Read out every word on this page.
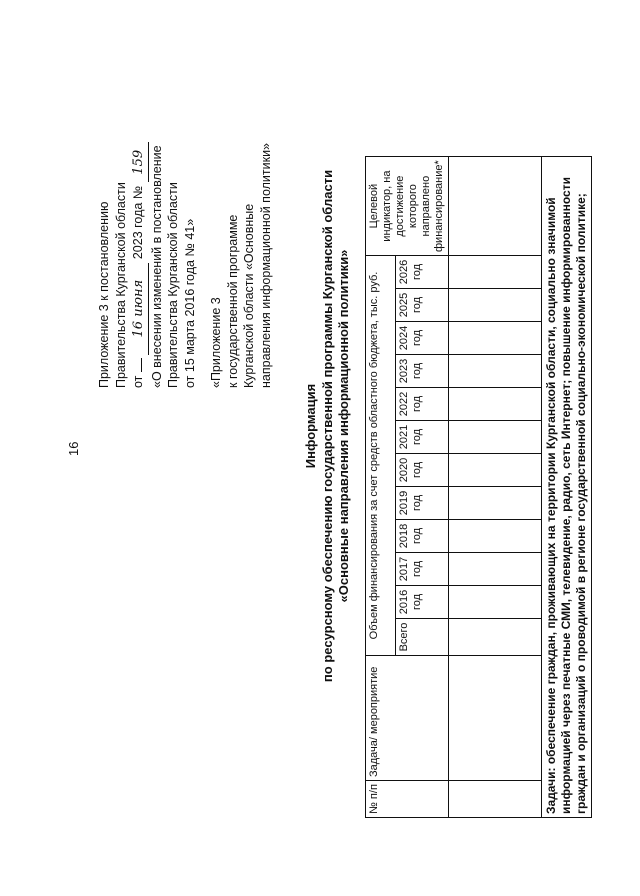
16
Приложение 3 к постановлению Правительства Курганской области от  16 июня 2023 года № 159 «О внесении изменений в постановление Правительства Курганской области от 15 марта 2016 года № 41» «Приложение 3 к государственной программе Курганской области «Основные направления информационной политики»
Информация по ресурсному обеспечению государственной программы Курганской области «Основные направления информационной политики»
№ п/п	Задача/ мероприятие	Объем финансирования за счет средств областного бюджета, тыс. руб.												Целевой индикатор, на достижение которого направлено финансирование*
		Всего	2016 год	2017 год	2018 год	2019 год	2020 год	2021 год	2022 год	2023 год	2024 год	2025 год	2026 год	

Задачи: обеспечение граждан, проживающих на территории Курганской области, социально значимой информацией через печатные СМИ, телевидение, радио, сеть Интернет; повышение информированности граждан и организаций о проводимой в регионе государственной социально-экономической политике;														
